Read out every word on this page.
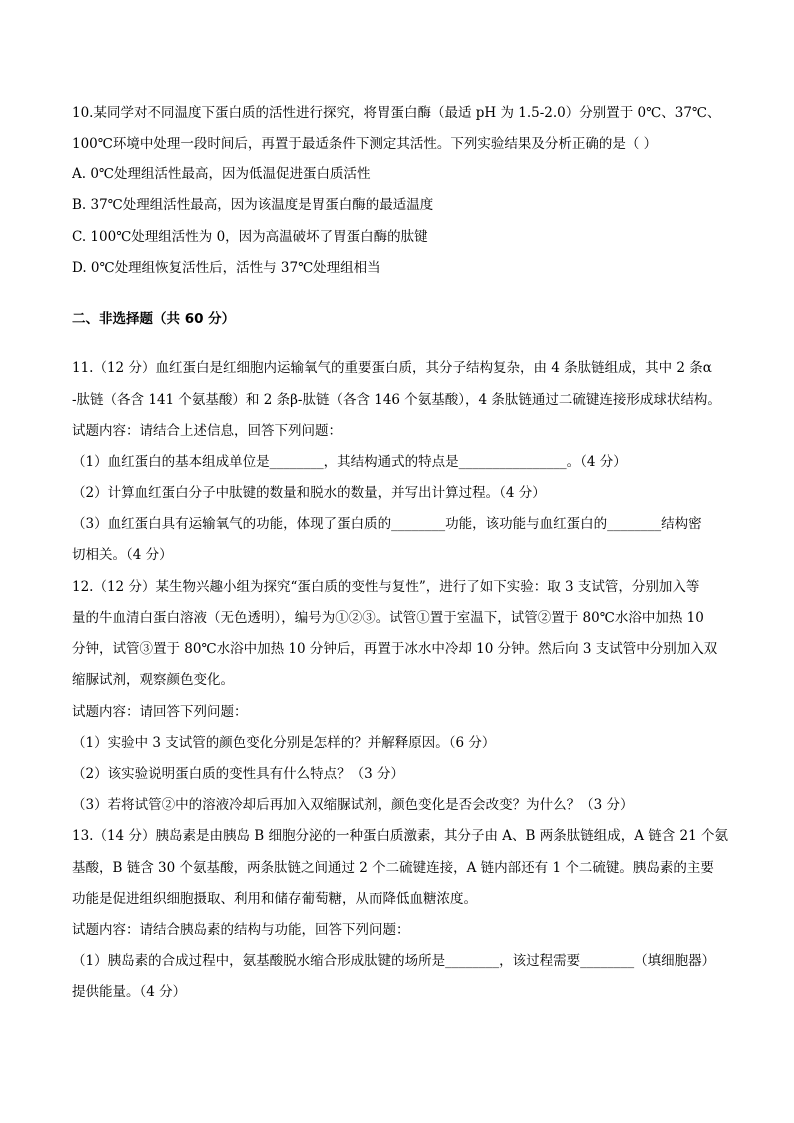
10.某同学对不同温度下蛋白质的活性进行探究，将胃蛋白酶（最适 pH 为 1.5-2.0）分别置于 0℃、37℃、
100℃环境中处理一段时间后，再置于最适条件下测定其活性。下列实验结果及分析正确的是（ ）
A. 0℃处理组活性最高，因为低温促进蛋白质活性
B. 37℃处理组活性最高，因为该温度是胃蛋白酶的最适温度
C. 100℃处理组活性为 0，因为高温破坏了胃蛋白酶的肽键
D. 0℃处理组恢复活性后，活性与 37℃处理组相当
二、非选择题（共 60 分）
11.（12 分）血红蛋白是红细胞内运输氧气的重要蛋白质，其分子结构复杂，由 4 条肽链组成，其中 2 条α
-肽链（各含 141 个氨基酸）和 2 条β-肽链（各含 146 个氨基酸），4 条肽链通过二硫键连接形成球状结构。
试题内容：请结合上述信息，回答下列问题：
（1）血红蛋白的基本组成单位是________，其结构通式的特点是________________。（4 分）
（2）计算血红蛋白分子中肽键的数量和脱水的数量，并写出计算过程。（4 分）
（3）血红蛋白具有运输氧气的功能，体现了蛋白质的________功能，该功能与血红蛋白的________结构密
切相关。（4 分）
12.（12 分）某生物兴趣小组为探究“蛋白质的变性与复性”，进行了如下实验：取 3 支试管，分别加入等
量的牛血清白蛋白溶液（无色透明），编号为①②③。试管①置于室温下，试管②置于 80℃水浴中加热 10
分钟，试管③置于 80℃水浴中加热 10 分钟后，再置于冰水中冷却 10 分钟。然后向 3 支试管中分别加入双
缩脲试剂，观察颜色变化。
试题内容：请回答下列问题：
（1）实验中 3 支试管的颜色变化分别是怎样的？并解释原因。（6 分）
（2）该实验说明蛋白质的变性具有什么特点？（3 分）
（3）若将试管②中的溶液冷却后再加入双缩脲试剂，颜色变化是否会改变？为什么？（3 分）
13.（14 分）胰岛素是由胰岛 B 细胞分泌的一种蛋白质激素，其分子由 A、B 两条肽链组成，A 链含 21 个氨
基酸，B 链含 30 个氨基酸，两条肽链之间通过 2 个二硫键连接，A 链内部还有 1 个二硫键。胰岛素的主要
功能是促进组织细胞摄取、利用和储存葡萄糖，从而降低血糖浓度。
试题内容：请结合胰岛素的结构与功能，回答下列问题：
（1）胰岛素的合成过程中，氨基酸脱水缩合形成肽键的场所是________，该过程需要________（填细胞器）
提供能量。（4 分）
